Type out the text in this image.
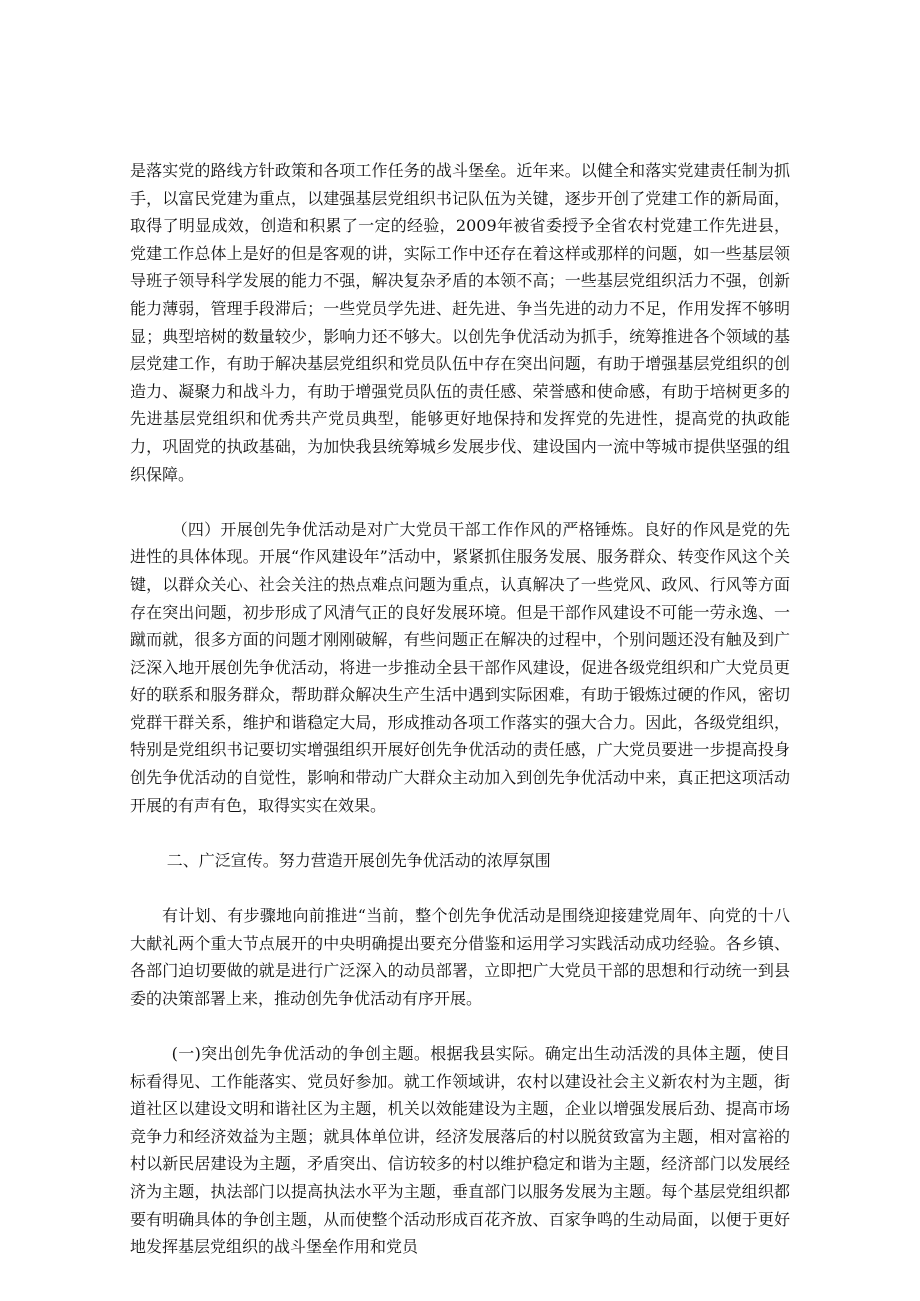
是落实党的路线方针政策和各项工作任务的战斗堡垒。近年来。以健全和落实党建责任制为抓手，以富民党建为重点，以建强基层党组织书记队伍为关键，逐步开创了党建工作的新局面，取得了明显成效，创造和积累了一定的经验，2009年被省委授予全省农村党建工作先进县，党建工作总体上是好的但是客观的讲，实际工作中还存在着这样或那样的问题，如一些基层领导班子领导科学发展的能力不强，解决复杂矛盾的本领不高；一些基层党组织活力不强，创新能力薄弱，管理手段滞后；一些党员学先进、赶先进、争当先进的动力不足，作用发挥不够明显；典型培树的数量较少，影响力还不够大。以创先争优活动为抓手，统筹推进各个领域的基层党建工作，有助于解决基层党组织和党员队伍中存在突出问题，有助于增强基层党组织的创造力、凝聚力和战斗力，有助于增强党员队伍的责任感、荣誉感和使命感，有助于培树更多的先进基层党组织和优秀共产党员典型，能够更好地保持和发挥党的先进性，提高党的执政能力，巩固党的执政基础，为加快我县统筹城乡发展步伐、建设国内一流中等城市提供坚强的组织保障。

（四）开展创先争优活动是对广大党员干部工作作风的严格锤炼。良好的作风是党的先进性的具体体现。开展“作风建设年”活动中，紧紧抓住服务发展、服务群众、转变作风这个关键，以群众关心、社会关注的热点难点问题为重点，认真解决了一些党风、政风、行风等方面存在突出问题，初步形成了风清气正的良好发展环境。但是干部作风建设不可能一劳永逸、一蹴而就，很多方面的问题才刚刚破解，有些问题正在解决的过程中，个别问题还没有触及到广泛深入地开展创先争优活动，将进一步推动全县干部作风建设，促进各级党组织和广大党员更好的联系和服务群众，帮助群众解决生产生活中遇到实际困难，有助于锻炼过硬的作风，密切党群干群关系，维护和谐稳定大局，形成推动各项工作落实的强大合力。因此，各级党组织，特别是党组织书记要切实增强组织开展好创先争优活动的责任感，广大党员要进一步提高投身创先争优活动的自觉性，影响和带动广大群众主动加入到创先争优活动中来，真正把这项活动开展的有声有色，取得实实在效果。

二、广泛宣传。努力营造开展创先争优活动的浓厚氛围

有计划、有步骤地向前推进“当前，整个创先争优活动是围绕迎接建党周年、向党的十八大献礼两个重大节点展开的中央明确提出要充分借鉴和运用学习实践活动成功经验。各乡镇、各部门迫切要做的就是进行广泛深入的动员部署，立即把广大党员干部的思想和行动统一到县委的决策部署上来，推动创先争优活动有序开展。

(一)突出创先争优活动的争创主题。根据我县实际。确定出生动活泼的具体主题，使目标看得见、工作能落实、党员好参加。就工作领域讲，农村以建设社会主义新农村为主题，街道社区以建设文明和谐社区为主题，机关以效能建设为主题，企业以增强发展后劲、提高市场竞争力和经济效益为主题；就具体单位讲，经济发展落后的村以脱贫致富为主题，相对富裕的村以新民居建设为主题，矛盾突出、信访较多的村以维护稳定和谐为主题，经济部门以发展经济为主题，执法部门以提高执法水平为主题，垂直部门以服务发展为主题。每个基层党组织都要有明确具体的争创主题，从而使整个活动形成百花齐放、百家争鸣的生动局面，以便于更好地发挥基层党组织的战斗堡垒作用和党员
